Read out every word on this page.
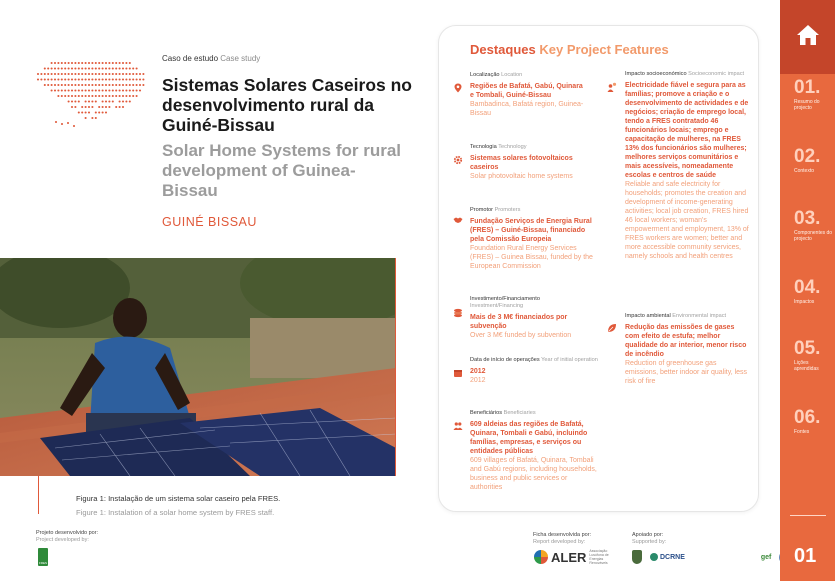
Caso de estudo Case study
Sistemas Solares Caseiros no desenvolvimento rural da Guiné-Bissau
Solar Home Systems for rural development of Guinea-Bissau
GUINÉ BISSAU
Figura 1: Instalação de um sistema solar caseiro pela FRES.
Figure 1: Instalation of a solar home system by FRES staff.
Projeto desenvolvido por:
Project developed by:
FRES
Ficha desenvolvida por:
Report developed by:
ALER Associação Lusófona de Energias Renováveis
Apoiado por:
Supported by:
DCRNE	gef
Destaques Key Project Features
Localização Location
Regiões de Bafatá, Gabú, Quinara e Tombali, Guiné-Bissau
Bambadinca, Bafatá region, Guinea-Bissau
Tecnologia Technology
Sistemas solares fotovoltaicos caseiros
Solar photovoltaic home systems
Promotor Promoters
Fundação Serviços de Energia Rural (FRES) – Guiné-Bissau, financiado pela Comissão Europeia
Foundation Rural Energy Services (FRES) – Guinea Bissau, funded by the European Commission
Investimento/Financiamento Investment/Financing
Mais de 3 M€ financiados por subvenção
Over 3 M€ funded by subvention
Data de início de operações Year of initial operation
2012
2012
Beneficiários Beneficiaries
609 aldeias das regiões de Bafatá, Quinara, Tombali e Gabú, incluindo famílias, empresas, e serviços ou entidades públicas
609 villages of Bafatá, Quinara, Tombali and Gabú regions, including households, business and public services or authorities
Impacto socioeconómico Socioeconomic impact
Electricidade fiável e segura para as famílias; promove a criação e o desenvolvimento de actividades e de negócios; criação de emprego local, tendo a FRES contratado 46 funcionários locais; emprego e capacitação de mulheres, na FRES 13% dos funcionários são mulheres; melhores serviços comunitários e mais acessíveis, nomeadamente escolas e centros de saúde
Reliable and safe electricity for households; promotes the creation and development of income-generating activities; local job creation, FRES hired 46 local workers; woman's empowerment and employment, 13% of FRES workers are women; better and more accessible community services, namely schools and health centres
Impacto ambiental Environmental impact
Redução das emissões de gases com efeito de estufa; melhor qualidade do ar interior, menor risco de incêndio
Reduction of greenhouse gas emissions, better indoor air quality, less risk of fire
01.
Resumo do projecto
02.
Contexto
03.
Componentes do projecto
04.
Impactos
05.
Lições aprendidas
06.
Fontes
01
